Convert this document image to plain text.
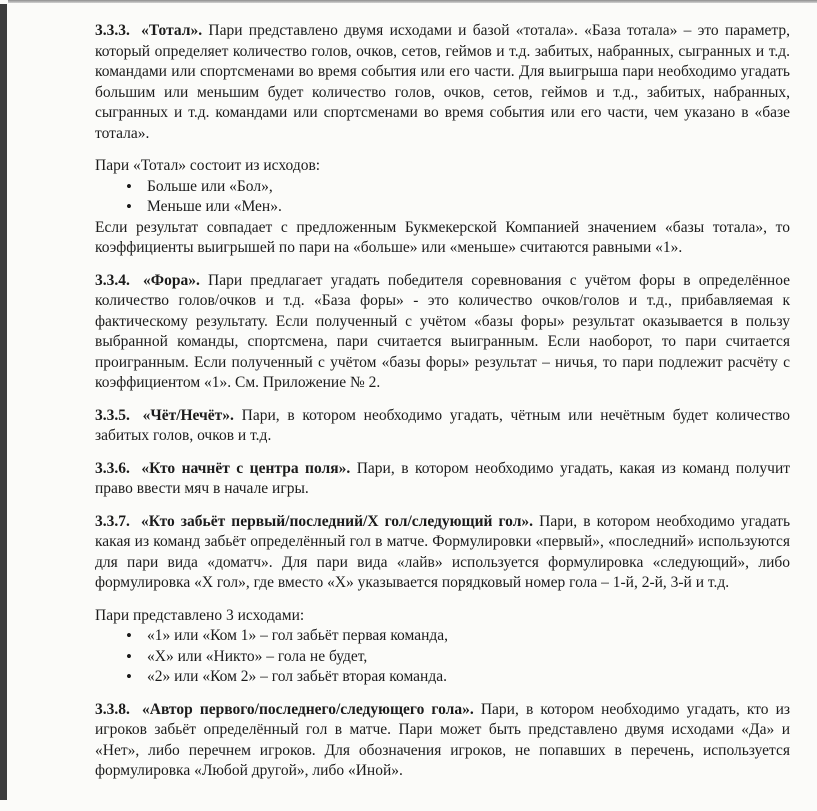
3.3.3. «Тотал». Пари представлено двумя исходами и базой «тотала». «База тотала» – это параметр, который определяет количество голов, очков, сетов, геймов и т.д. забитых, набранных, сыгранных и т.д. командами или спортсменами во время события или его части. Для выигрыша пари необходимо угадать большим или меньшим будет количество голов, очков, сетов, геймов и т.д., забитых, набранных, сыгранных и т.д. командами или спортсменами во время события или его части, чем указано в «базе тотала».

Пари «Тотал» состоит из исходов:

• Больше или «Бол»,
• Меньше или «Мен».

Если результат совпадает с предложенным Букмекерской Компанией значением «базы тотала», то коэффициенты выигрышей по пари на «больше» или «меньше» считаются равными «1».

3.3.4. «Фора». Пари предлагает угадать победителя соревнования с учётом форы в определённое количество голов/очков и т.д. «База форы» - это количество очков/голов и т.д., прибавляемая к фактическому результату. Если полученный с учётом «базы форы» результат оказывается в пользу выбранной команды, спортсмена, пари считается выигранным. Если наоборот, то пари считается проигранным. Если полученный с учётом «базы форы» результат – ничья, то пари подлежит расчёту с коэффициентом «1». См. Приложение № 2.

3.3.5. «Чёт/Нечёт». Пари, в котором необходимо угадать, чётным или нечётным будет количество забитых голов, очков и т.д.

3.3.6. «Кто начнёт с центра поля». Пари, в котором необходимо угадать, какая из команд получит право ввести мяч в начале игры.

3.3.7. «Кто забьёт первый/последний/X гол/следующий гол». Пари, в котором необходимо угадать какая из команд забьёт определённый гол в матче. Формулировки «первый», «последний» используются для пари вида «доматч». Для пари вида «лайв» используется формулировка «следующий», либо формулировка «X гол», где вместо «X» указывается порядковый номер гола – 1-й, 2-й, 3-й и т.д.

Пари представлено 3 исходами:

• «1» или «Ком 1» – гол забьёт первая команда,
• «X» или «Никто» – гола не будет,
• «2» или «Ком 2» – гол забьёт вторая команда.

3.3.8. «Автор первого/последнего/следующего гола». Пари, в котором необходимо угадать, кто из игроков забьёт определённый гол в матче. Пари может быть представлено двумя исходами «Да» и «Нет», либо перечнем игроков. Для обозначения игроков, не попавших в перечень, используется формулировка «Любой другой», либо «Иной».
